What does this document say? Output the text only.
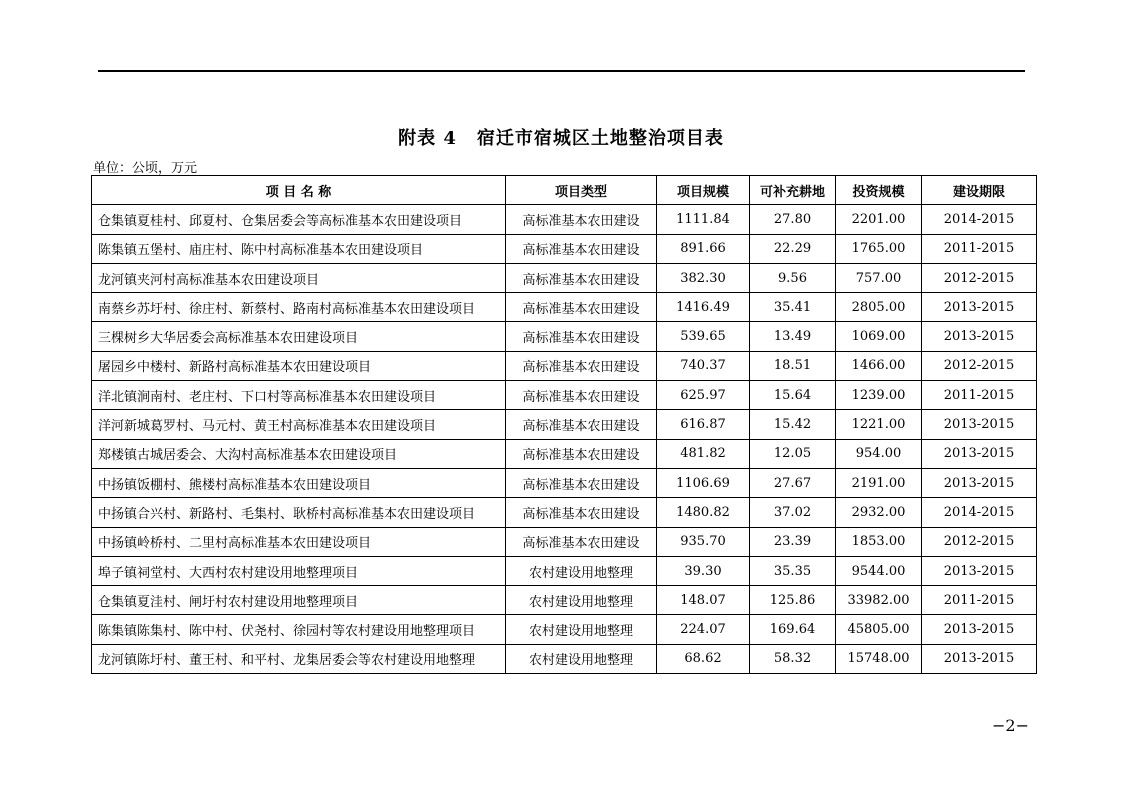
附表 4 宿迁市宿城区土地整治项目表
单位：公顷，万元
项 目 名 称	项目类型	项目规模	可补充耕地	投资规模	建设期限
仓集镇夏桂村、邱夏村、仓集居委会等高标准基本农田建设项目	高标准基本农田建设	1111.84	27.80	2201.00	2014-2015
陈集镇五堡村、庙庄村、陈中村高标准基本农田建设项目	高标准基本农田建设	891.66	22.29	1765.00	2011-2015
龙河镇夹河村高标准基本农田建设项目	高标准基本农田建设	382.30	9.56	757.00	2012-2015
南蔡乡苏圩村、徐庄村、新蔡村、路南村高标准基本农田建设项目	高标准基本农田建设	1416.49	35.41	2805.00	2013-2015
三棵树乡大华居委会高标准基本农田建设项目	高标准基本农田建设	539.65	13.49	1069.00	2013-2015
屠园乡中楼村、新路村高标准基本农田建设项目	高标准基本农田建设	740.37	18.51	1466.00	2012-2015
洋北镇涧南村、老庄村、下口村等高标准基本农田建设项目	高标准基本农田建设	625.97	15.64	1239.00	2011-2015
洋河新城葛罗村、马元村、黄王村高标准基本农田建设项目	高标准基本农田建设	616.87	15.42	1221.00	2013-2015
郑楼镇古城居委会、大沟村高标准基本农田建设项目	高标准基本农田建设	481.82	12.05	954.00	2013-2015
中扬镇饭棚村、熊楼村高标准基本农田建设项目	高标准基本农田建设	1106.69	27.67	2191.00	2013-2015
中扬镇合兴村、新路村、毛集村、耿桥村高标准基本农田建设项目	高标准基本农田建设	1480.82	37.02	2932.00	2014-2015
中扬镇岭桥村、二里村高标准基本农田建设项目	高标准基本农田建设	935.70	23.39	1853.00	2012-2015
埠子镇祠堂村、大西村农村建设用地整理项目	农村建设用地整理	39.30	35.35	9544.00	2013-2015
仓集镇夏洼村、闸圩村农村建设用地整理项目	农村建设用地整理	148.07	125.86	33982.00	2011-2015
陈集镇陈集村、陈中村、伏尧村、徐园村等农村建设用地整理项目	农村建设用地整理	224.07	169.64	45805.00	2013-2015
龙河镇陈圩村、董王村、和平村、龙集居委会等农村建设用地整理	农村建设用地整理	68.62	58.32	15748.00	2013-2015
−2−
